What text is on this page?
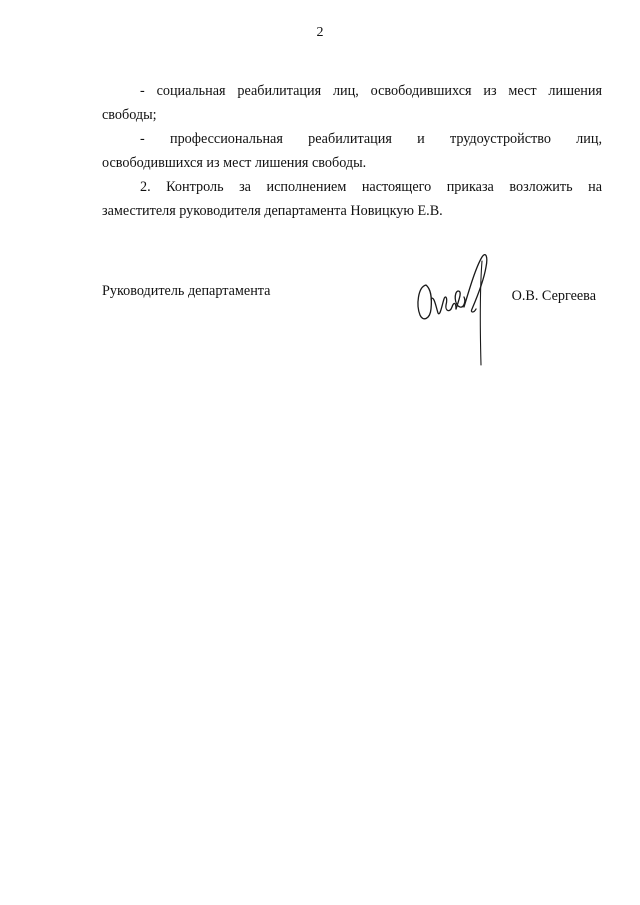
2
- социальная реабилитация лиц, освободившихся из мест лишения
свободы;
- профессиональная реабилитация и трудоустройство лиц,
освободившихся из мест лишения свободы.
2. Контроль за исполнением настоящего приказа возложить на
заместителя руководителя департамента Новицкую Е.В.
Руководитель департамента	О.В. Сергеева
